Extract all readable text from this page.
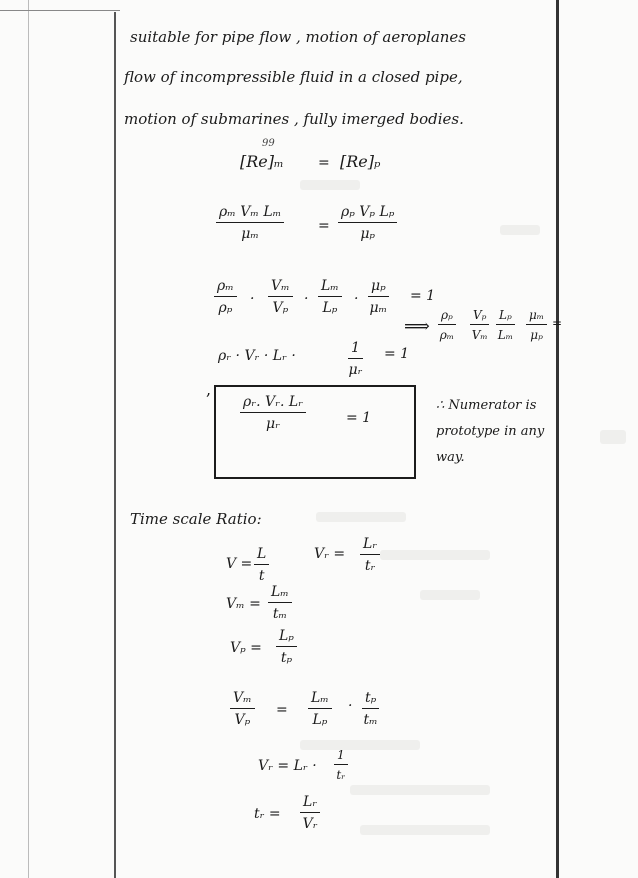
suitable for pipe flow , motion of aeroplanes
flow of incompressible fluid in a closed pipe,
motion of submarines , fully imerged bodies.
99
[Re]ₘ = [Re]ₚ
$\frac{\text{ρₘ Vₘ Lₘ}}{\text{μₘ}} = \frac{\text{ρₚ Vₚ Lₚ}}{\text{μₚ}}$
$\frac{\text{ρₘ}}{\text{ρₚ}} \cdot \frac{\text{Vₘ}}{\text{Vₚ}} \cdot \frac{\text{Lₘ}}{\text{Lₚ}} \cdot \frac{\text{μₚ}}{\text{μₘ}} = 1$
⟹ $\frac{\text{ρₚ}}{\text{ρₘ}} \frac{\text{Vₚ}}{\text{Vₘ}} \frac{\text{Lₚ}}{\text{Lₘ}} \frac{\text{μₘ}}{\text{μₚ}}$ =
ρᵣ · Vᵣ · Lᵣ ·	$\frac{1}{\text{μᵣ}} = 1$
,
$\frac{\text{ρᵣ. Vᵣ. Lᵣ}}{\text{μᵣ}}$	= 1
∴ Numerator is
prototype in any
way.
Time scale Ratio:
$V = \frac{L}{t}$	Vᵣ = $\frac{\text{Lᵣ}}{\text{tᵣ}}$
$V_m = \frac{\text{Lₘ}}{\text{tₘ}}$
$V_p = \frac{\text{Lₚ}}{\text{tₚ}}$
$\frac{\text{Vₘ}}{\text{Vₚ}} = \frac{\text{Lₘ}}{\text{Lₚ}} \cdot \frac{\text{tₚ}}{\text{tₘ}}$
Vᵣ = Lᵣ · $\frac{1}{\text{tᵣ}}$
tᵣ = $\frac{\text{Lᵣ}}{\text{Vᵣ}}$
